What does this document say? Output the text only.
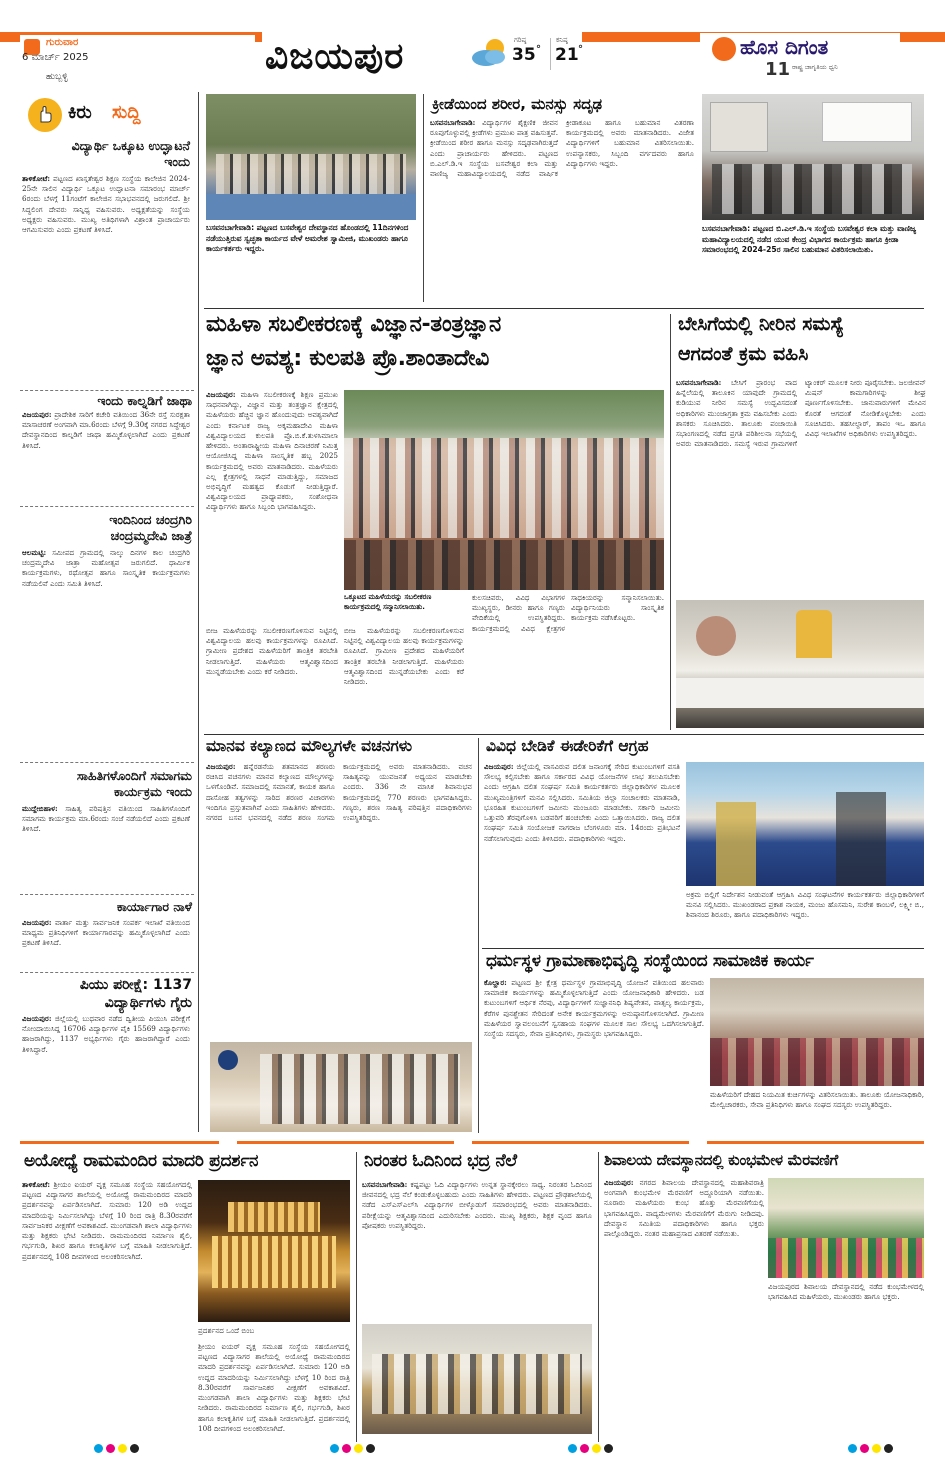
ಗುರುವಾರ
6 ಮಾರ್ಚ್ 2025
ಹುಬ್ಬಳ್ಳಿ	ವಿಜಯಪುರ	ಗರಿಷ್ಠ
35 °
ಕನಿಷ್ಠ
21 °	ಹೊಸ ದಿಗಂತ
ರಾಷ್ಟ್ರ ಜಾಗೃತಿಯ ಧ್ವನಿ
11
ಕಿರು ಸುದ್ದಿ
ವಿದ್ಯಾರ್ಥಿ ಒಕ್ಕೂಟ ಉದ್ಘಾಟನೆ ಇಂದು
ತಾಳಿಕೋಟೆ: ಪಟ್ಟಣದ ಖಾಸ್ಗತೇಶ್ವರ ಶಿಕ್ಷಣ ಸಂಸ್ಥೆಯ ಕಾಲೇಜಿನ 2024-25ನೇ ಸಾಲಿನ ವಿದ್ಯಾರ್ಥಿ ಒಕ್ಕೂಟ ಉದ್ಘಾಟನಾ ಸಮಾರಂಭ ಮಾರ್ಚ್ 6ರಂದು ಬೆಳಗ್ಗೆ 11ಗಂಟೆಗೆ ಕಾಲೇಜಿನ ಸಭಾಭವನದಲ್ಲಿ ಜರುಗಲಿದೆ. ಶ್ರೀ ಸಿದ್ಧಲಿಂಗ ದೇವರು ಸಾನ್ನಿಧ್ಯ ವಹಿಸುವರು. ಅಧ್ಯಕ್ಷತೆಯನ್ನು ಸಂಸ್ಥೆಯ ಅಧ್ಯಕ್ಷರು ವಹಿಸುವರು. ಮುಖ್ಯ ಅತಿಥಿಗಳಾಗಿ ವಿಶ್ರಾಂತ ಪ್ರಾಚಾರ್ಯರು ಆಗಮಿಸುವರು ಎಂದು ಪ್ರಕಟಣೆ ತಿಳಿಸಿದೆ.
ಇಂದು ಕಾಲ್ನಡಿಗೆ ಜಾಥಾ
ವಿಜಯಪುರ: ಪ್ರಾದೇಶಿಕ ಸಾರಿಗೆ ಕಚೇರಿ ವತಿಯಿಂದ 36ನೇ ರಸ್ತೆ ಸುರಕ್ಷತಾ ಮಾಸಾಚರಣೆ ಅಂಗವಾಗಿ ಮಾ.6ರಂದು ಬೆಳಗ್ಗೆ 9.30ಕ್ಕೆ ನಗರದ ಸಿದ್ಧೇಶ್ವರ ದೇವಸ್ಥಾನದಿಂದ ಕಾಲ್ನಡಿಗೆ ಜಾಥಾ ಹಮ್ಮಿಕೊಳ್ಳಲಾಗಿದೆ ಎಂದು ಪ್ರಕಟಣೆ ತಿಳಿಸಿದೆ.
ಇಂದಿನಿಂದ ಚಂದ್ರಗಿರಿ ಚಂದ್ರಮ್ಮದೇವಿ ಜಾತ್ರೆ
ಆಲಮಟ್ಟಿ: ಸಮೀಪದ ಗ್ರಾಮದಲ್ಲಿ ನಾಲ್ಕು ದಿನಗಳ ಕಾಲ ಚಂದ್ರಗಿರಿ ಚಂದ್ರಮ್ಮದೇವಿ ಜಾತ್ರಾ ಮಹೋತ್ಸವ ಜರುಗಲಿದೆ. ಧಾರ್ಮಿಕ ಕಾರ್ಯಕ್ರಮಗಳು, ರಥೋತ್ಸವ ಹಾಗೂ ಸಾಂಸ್ಕೃತಿಕ ಕಾರ್ಯಕ್ರಮಗಳು ನಡೆಯಲಿವೆ ಎಂದು ಸಮಿತಿ ತಿಳಿಸಿದೆ.
ಸಾಹಿತಿಗಳೊಂದಿಗೆ ಸಮಾಗಮ ಕಾರ್ಯಕ್ರಮ ಇಂದು
ಮುದ್ದೇಬಿಹಾಳ: ಸಾಹಿತ್ಯ ಪರಿಷತ್ತಿನ ವತಿಯಿಂದ ಸಾಹಿತಿಗಳೊಂದಿಗೆ ಸಮಾಗಮ ಕಾರ್ಯಕ್ರಮ ಮಾ.6ರಂದು ಸಂಜೆ ನಡೆಯಲಿದೆ ಎಂದು ಪ್ರಕಟಣೆ ತಿಳಿಸಿದೆ.
ಕಾರ್ಯಾಗಾರ ನಾಳೆ
ವಿಜಯಪುರ: ವಾರ್ತಾ ಮತ್ತು ಸಾರ್ವಜನಿಕ ಸಂಪರ್ಕ ಇಲಾಖೆ ವತಿಯಿಂದ ಮಾಧ್ಯಮ ಪ್ರತಿನಿಧಿಗಳಿಗೆ ಕಾರ್ಯಾಗಾರವನ್ನು ಹಮ್ಮಿಕೊಳ್ಳಲಾಗಿದೆ ಎಂದು ಪ್ರಕಟಣೆ ತಿಳಿಸಿದೆ.
ಪಿಯು ಪರೀಕ್ಷೆ: 1137 ವಿದ್ಯಾರ್ಥಿಗಳು ಗೈರು
ವಿಜಯಪುರ: ಜಿಲ್ಲೆಯಲ್ಲಿ ಬುಧವಾರ ನಡೆದ ದ್ವಿತೀಯ ಪಿಯುಸಿ ಪರೀಕ್ಷೆಗೆ ನೋಂದಾಯಿಸಿದ್ದ 16706 ವಿದ್ಯಾರ್ಥಿಗಳ ಪೈಕಿ 15569 ವಿದ್ಯಾರ್ಥಿಗಳು ಹಾಜರಾಗಿದ್ದು, 1137 ಅಭ್ಯರ್ಥಿಗಳು ಗೈರು ಹಾಜರಾಗಿದ್ದಾರೆ ಎಂದು ತಿಳಿಸಿದ್ದಾರೆ.
ಬಸವನಬಾಗೇವಾಡಿ: ಪಟ್ಟಣದ ಬಸವೇಶ್ವರ ದೇವಸ್ಥಾನದ ಹೊಂಡದಲ್ಲಿ 11ದಿನಗಳಿಂದ ನಡೆಯುತ್ತಿರುವ ಸ್ವಚ್ಛತಾ ಕಾರ್ಯದ ವೇಳೆ ಅಮರೇಶ ಸ್ವಾಮೀಜಿ, ಮುಖಂಡರು ಹಾಗೂ ಕಾರ್ಯಕರ್ತರು ಇದ್ದರು.
ಕ್ರೀಡೆಯಿಂದ ಶರೀರ, ಮನಸ್ಸು ಸದೃಢ
ಬಸವನಬಾಗೇವಾಡಿ: ವಿದ್ಯಾರ್ಥಿಗಳ ಶೈಕ್ಷಣಿಕ ಜೀವನ ರೂಪುಗೊಳ್ಳುವಲ್ಲಿ ಕ್ರೀಡೆಗಳು ಪ್ರಮುಖ ಪಾತ್ರ ವಹಿಸುತ್ತವೆ. ಕ್ರೀಡೆಯಿಂದ ಶರೀರ ಹಾಗೂ ಮನಸ್ಸು ಸದೃಢವಾಗಿರುತ್ತದೆ ಎಂದು ಪ್ರಾಚಾರ್ಯರು ಹೇಳಿದರು. ಪಟ್ಟಣದ ಬಿ.ಎಲ್.ಡಿ.ಇ ಸಂಸ್ಥೆಯ ಬಸವೇಶ್ವರ ಕಲಾ ಮತ್ತು ವಾಣಿಜ್ಯ ಮಹಾವಿದ್ಯಾಲಯದಲ್ಲಿ ನಡೆದ ವಾರ್ಷಿಕ ಕ್ರೀಡಾಕೂಟ ಹಾಗೂ ಬಹುಮಾನ ವಿತರಣಾ ಕಾರ್ಯಕ್ರಮದಲ್ಲಿ ಅವರು ಮಾತನಾಡಿದರು. ವಿಜೇತ ವಿದ್ಯಾರ್ಥಿಗಳಿಗೆ ಬಹುಮಾನ ವಿತರಿಸಲಾಯಿತು. ಉಪನ್ಯಾಸಕರು, ಸಿಬ್ಬಂದಿ ವರ್ಗದವರು ಹಾಗೂ ವಿದ್ಯಾರ್ಥಿಗಳು ಇದ್ದರು.
ಬಸವನಬಾಗೇವಾಡಿ: ಪಟ್ಟಣದ ಬಿ.ಎಲ್.ಡಿ.ಇ ಸಂಸ್ಥೆಯ ಬಸವೇಶ್ವರ ಕಲಾ ಮತ್ತು ವಾಣಿಜ್ಯ ಮಹಾವಿದ್ಯಾಲಯದಲ್ಲಿ ನಡೆದ ಯುವ ಕೇಂದ್ರ ವಿಭಾಗದ ಕಾರ್ಯಕ್ರಮ ಹಾಗೂ ಕ್ರೀಡಾ ಸಮಾರಂಭದಲ್ಲಿ 2024-25ರ ಸಾಲಿನ ಬಹುಮಾನ ವಿತರಿಸಲಾಯಿತು.
ಮಹಿಳಾ ಸಬಲೀಕರಣಕ್ಕೆ ವಿಜ್ಞಾನ-ತಂತ್ರಜ್ಞಾನ
ಜ್ಞಾನ ಅವಶ್ಯ: ಕುಲಪತಿ ಪ್ರೊ.ಶಾಂತಾದೇವಿ
ವಿಜಯಪುರ: ಮಹಿಳಾ ಸಬಲೀಕರಣಕ್ಕೆ ಶಿಕ್ಷಣ ಪ್ರಮುಖ ಸಾಧನವಾಗಿದ್ದು, ವಿಜ್ಞಾನ ಮತ್ತು ತಂತ್ರಜ್ಞಾನ ಕ್ಷೇತ್ರದಲ್ಲಿ ಮಹಿಳೆಯರು ಹೆಚ್ಚಿನ ಜ್ಞಾನ ಹೊಂದುವುದು ಅವಶ್ಯವಾಗಿದೆ ಎಂದು ಕರ್ನಾಟಕ ರಾಜ್ಯ ಅಕ್ಕಮಹಾದೇವಿ ಮಹಿಳಾ ವಿಶ್ವವಿದ್ಯಾಲಯದ ಕುಲಪತಿ ಪ್ರೊ.ಬಿ.ಕೆ.ತುಳಸಿಮಾಲಾ ಹೇಳಿದರು. ಅಂತಾರಾಷ್ಟ್ರೀಯ ಮಹಿಳಾ ದಿನಾಚರಣೆ ನಿಮಿತ್ತ ಆಯೋಜಿಸಿದ್ದ ಮಹಿಳಾ ಸಾಂಸ್ಕೃತಿಕ ಹಬ್ಬ 2025 ಕಾರ್ಯಕ್ರಮದಲ್ಲಿ ಅವರು ಮಾತನಾಡಿದರು. ಮಹಿಳೆಯರು ಎಲ್ಲ ಕ್ಷೇತ್ರಗಳಲ್ಲಿ ಸಾಧನೆ ಮಾಡುತ್ತಿದ್ದು, ಸಮಾಜದ ಅಭಿವೃದ್ಧಿಗೆ ಮಹತ್ವದ ಕೊಡುಗೆ ನೀಡುತ್ತಿದ್ದಾರೆ. ವಿಶ್ವವಿದ್ಯಾಲಯದ ಪ್ರಾಧ್ಯಾಪಕರು, ಸಂಶೋಧನಾ ವಿದ್ಯಾರ್ಥಿಗಳು ಹಾಗೂ ಸಿಬ್ಬಂದಿ ಭಾಗವಹಿಸಿದ್ದರು.
ಒಕ್ಕೂಟದ ಮಹಿಳೆಯರನ್ನು ಸಬಲೀಕರಣ ಕಾರ್ಯಕ್ರಮದಲ್ಲಿ ಸನ್ಮಾನಿಸಲಾಯಿತು.
ಬೀಜ ಮಹಿಳೆಯರನ್ನು ಸಬಲೀಕರಣಗೊಳಿಸುವ ನಿಟ್ಟಿನಲ್ಲಿ ವಿಶ್ವವಿದ್ಯಾಲಯ ಹಲವು ಕಾರ್ಯಕ್ರಮಗಳನ್ನು ರೂಪಿಸಿದೆ. ಗ್ರಾಮೀಣ ಪ್ರದೇಶದ ಮಹಿಳೆಯರಿಗೆ ತಾಂತ್ರಿಕ ತರಬೇತಿ ನೀಡಲಾಗುತ್ತಿದೆ. ಮಹಿಳೆಯರು ಆತ್ಮವಿಶ್ವಾಸದಿಂದ ಮುನ್ನಡೆಯಬೇಕು ಎಂದು ಕರೆ ನೀಡಿದರು.
ಬೀಜ ಮಹಿಳೆಯರನ್ನು ಸಬಲೀಕರಣಗೊಳಿಸುವ ನಿಟ್ಟಿನಲ್ಲಿ ವಿಶ್ವವಿದ್ಯಾಲಯ ಹಲವು ಕಾರ್ಯಕ್ರಮಗಳನ್ನು ರೂಪಿಸಿದೆ. ಗ್ರಾಮೀಣ ಪ್ರದೇಶದ ಮಹಿಳೆಯರಿಗೆ ತಾಂತ್ರಿಕ ತರಬೇತಿ ನೀಡಲಾಗುತ್ತಿದೆ. ಮಹಿಳೆಯರು ಆತ್ಮವಿಶ್ವಾಸದಿಂದ ಮುನ್ನಡೆಯಬೇಕು ಎಂದು ಕರೆ ನೀಡಿದರು.
ಕುಲಸಚಿವರು, ವಿವಿಧ ವಿಭಾಗಗಳ ಮುಖ್ಯಸ್ಥರು, ಡೀನರು ಹಾಗೂ ಗಣ್ಯರು ವೇದಿಕೆಯಲ್ಲಿ ಉಪಸ್ಥಿತರಿದ್ದರು. ಕಾರ್ಯಕ್ರಮದಲ್ಲಿ ವಿವಿಧ ಕ್ಷೇತ್ರಗಳ ಸಾಧಕಿಯರನ್ನು ಸನ್ಮಾನಿಸಲಾಯಿತು. ವಿದ್ಯಾರ್ಥಿನಿಯರು ಸಾಂಸ್ಕೃತಿಕ ಕಾರ್ಯಕ್ರಮ ನಡೆಸಿಕೊಟ್ಟರು.
ಬೇಸಿಗೆಯಲ್ಲಿ ನೀರಿನ ಸಮಸ್ಯೆ
ಆಗದಂತೆ ಕ್ರಮ ವಹಿಸಿ
ಬಸವನಬಾಗೇವಾಡಿ: ಬೇಸಿಗೆ ಪ್ರಾರಂಭ ವಾದ ಹಿನ್ನೆಲೆಯಲ್ಲಿ ತಾಲೂಕಿನ ಯಾವುದೇ ಗ್ರಾಮದಲ್ಲಿ ಕುಡಿಯುವ ನೀರಿನ ಸಮಸ್ಯೆ ಉದ್ಭವಿಸದಂತೆ ಅಧಿಕಾರಿಗಳು ಮುಂಜಾಗ್ರತಾ ಕ್ರಮ ವಹಿಸಬೇಕು ಎಂದು ಶಾಸಕರು ಸೂಚಿಸಿದರು. ತಾಲೂಕು ಪಂಚಾಯಿತಿ ಸಭಾಂಗಣದಲ್ಲಿ ನಡೆದ ಪ್ರಗತಿ ಪರಿಶೀಲನಾ ಸಭೆಯಲ್ಲಿ ಅವರು ಮಾತನಾಡಿದರು. ಸಮಸ್ಯೆ ಇರುವ ಗ್ರಾಮಗಳಿಗೆ ಟ್ಯಾಂಕರ್ ಮೂಲಕ ನೀರು ಪೂರೈಸಬೇಕು. ಜಲಜೀವನ್ ಮಿಷನ್ ಕಾಮಗಾರಿಗಳನ್ನು ಶೀಘ್ರ ಪೂರ್ಣಗೊಳಿಸಬೇಕು. ಜಾನುವಾರುಗಳಿಗೆ ಮೇವಿನ ಕೊರತೆ ಆಗದಂತೆ ನೋಡಿಕೊಳ್ಳಬೇಕು ಎಂದು ಸೂಚಿಸಿದರು. ತಹಸೀಲ್ದಾರ್, ತಾಪಂ ಇಒ ಹಾಗೂ ವಿವಿಧ ಇಲಾಖೆಗಳ ಅಧಿಕಾರಿಗಳು ಉಪಸ್ಥಿತರಿದ್ದರು.
ಮಾನವ ಕಲ್ಯಾಣದ ಮೌಲ್ಯಗಳೇ ವಚನಗಳು
ವಿಜಯಪುರ: ಹನ್ನೆರಡನೆಯ ಶತಮಾನದ ಶರಣರು ರಚಿಸಿದ ವಚನಗಳು ಮಾನವ ಕಲ್ಯಾಣದ ಮೌಲ್ಯಗಳನ್ನು ಒಳಗೊಂಡಿವೆ. ಸಮಾಜದಲ್ಲಿ ಸಮಾನತೆ, ಕಾಯಕ ಹಾಗೂ ದಾಸೋಹ ತತ್ವಗಳನ್ನು ಸಾರಿದ ಶರಣರ ವಿಚಾರಗಳು ಇಂದಿಗೂ ಪ್ರಸ್ತುತವಾಗಿವೆ ಎಂದು ಸಾಹಿತಿಗಳು ಹೇಳಿದರು. ನಗರದ ಬಸವ ಭವನದಲ್ಲಿ ನಡೆದ ಶರಣ ಸಂಗಮ ಕಾರ್ಯಕ್ರಮದಲ್ಲಿ ಅವರು ಮಾತನಾಡಿದರು. ವಚನ ಸಾಹಿತ್ಯವನ್ನು ಯುವಜನತೆ ಅಧ್ಯಯನ ಮಾಡಬೇಕು ಎಂದರು. 336 ನೇ ಮಾಸಿಕ ಶಿವಾನುಭವ ಕಾರ್ಯಕ್ರಮದಲ್ಲಿ 770 ಶರಣರು ಭಾಗವಹಿಸಿದ್ದರು. ಗಣ್ಯರು, ಶರಣ ಸಾಹಿತ್ಯ ಪರಿಷತ್ತಿನ ಪದಾಧಿಕಾರಿಗಳು ಉಪಸ್ಥಿತರಿದ್ದರು.
ವಿವಿಧ ಬೇಡಿಕೆ ಈಡೇರಿಕೆಗೆ ಆಗ್ರಹ
ವಿಜಯಪುರ: ಜಿಲ್ಲೆಯಲ್ಲಿ ವಾಸವಿರುವ ದಲಿತ ಜನಾಂಗಕ್ಕೆ ಸೇರಿದ ಕುಟುಂಬಗಳಿಗೆ ವಸತಿ ಸೌಲಭ್ಯ ಕಲ್ಪಿಸಬೇಕು ಹಾಗೂ ಸರ್ಕಾರದ ವಿವಿಧ ಯೋಜನೆಗಳ ಲಾಭ ತಲುಪಿಸಬೇಕು ಎಂದು ಆಗ್ರಹಿಸಿ ದಲಿತ ಸಂಘರ್ಷ ಸಮಿತಿ ಕಾರ್ಯಕರ್ತರು ಜಿಲ್ಲಾಧಿಕಾರಿಗಳ ಮೂಲಕ ಮುಖ್ಯಮಂತ್ರಿಗಳಿಗೆ ಮನವಿ ಸಲ್ಲಿಸಿದರು. ಸಮಿತಿಯ ಜಿಲ್ಲಾ ಸಂಚಾಲಕರು ಮಾತನಾಡಿ, ಭೂರಹಿತ ಕುಟುಂಬಗಳಿಗೆ ಜಮೀನು ಮಂಜೂರು ಮಾಡಬೇಕು. ಸರ್ಕಾರಿ ಜಮೀನು ಒತ್ತುವರಿ ತೆರವುಗೊಳಿಸಿ ಬಡವರಿಗೆ ಹಂಚಬೇಕು ಎಂದು ಒತ್ತಾಯಿಸಿದರು. ರಾಜ್ಯ ದಲಿತ ಸಂಘರ್ಷ ಸಮಿತಿ ಸಂಯೋಜಕ ನಾಗರಾಜ ಬೆಂಗಳೂರು ಮಾ. 14ರಂದು ಪ್ರತಿಭಟನೆ ನಡೆಸಲಾಗುವುದು ಎಂದು ತಿಳಿಸಿದರು. ಪದಾಧಿಕಾರಿಗಳು ಇದ್ದರು.
ಅಕ್ರಮ ಬಿಲ್ಲಿಗೆ ನಿರ್ದೇಶನ ನೀಡುವಂತೆ ಆಗ್ರಹಿಸಿ ವಿವಿಧ ಸಂಘಟನೆಗಳ ಕಾರ್ಯಕರ್ತರು ಜಿಲ್ಲಾಧಿಕಾರಿಗಳಿಗೆ ಮನವಿ ಸಲ್ಲಿಸಿದರು. ಮುಖಂಡರಾದ ಪ್ರಕಾಶ ನಾಯಕ, ಮಂಜು ಹೊಸಮನಿ, ಸುರೇಶ ಕಾಂಬಳೆ, ಲಕ್ಷ್ಮೀ ಬಿ., ಶಿವಾನಂದ ಶಿರೂರು, ಹಾಗೂ ಪದಾಧಿಕಾರಿಗಳು ಇದ್ದರು.
ಧರ್ಮಸ್ಥಳ ಗ್ರಾಮಾಣಾಭಿವೃದ್ಧಿ ಸಂಸ್ಥೆಯಿಂದ ಸಾಮಾಜಿಕ ಕಾರ್ಯ
ಕೊಲ್ಹಾರ: ಪಟ್ಟಣದ ಶ್ರೀ ಕ್ಷೇತ್ರ ಧರ್ಮಸ್ಥಳ ಗ್ರಾಮಾಭಿವೃದ್ಧಿ ಯೋಜನೆ ವತಿಯಿಂದ ಹಲವಾರು ಸಾಮಾಜಿಕ ಕಾರ್ಯಗಳನ್ನು ಹಮ್ಮಿಕೊಳ್ಳಲಾಗುತ್ತಿದೆ ಎಂದು ಯೋಜನಾಧಿಕಾರಿ ಹೇಳಿದರು. ಬಡ ಕುಟುಂಬಗಳಿಗೆ ಆರ್ಥಿಕ ನೆರವು, ವಿದ್ಯಾರ್ಥಿಗಳಿಗೆ ಸುಜ್ಞಾನನಿಧಿ ಶಿಷ್ಯವೇತನ, ವಾತ್ಸಲ್ಯ ಕಾರ್ಯಕ್ರಮ, ಕೆರೆಗಳ ಪುನಶ್ಚೇತನ ಸೇರಿದಂತೆ ಅನೇಕ ಕಾರ್ಯಕ್ರಮಗಳನ್ನು ಅನುಷ್ಠಾನಗೊಳಿಸಲಾಗಿದೆ. ಗ್ರಾಮೀಣ ಮಹಿಳೆಯರ ಸ್ವಾವಲಂಬನೆಗೆ ಸ್ವಸಹಾಯ ಸಂಘಗಳ ಮೂಲಕ ಸಾಲ ಸೌಲಭ್ಯ ಒದಗಿಸಲಾಗುತ್ತಿದೆ. ಸಂಸ್ಥೆಯ ಸದಸ್ಯರು, ಸೇವಾ ಪ್ರತಿನಿಧಿಗಳು, ಗ್ರಾಮಸ್ಥರು ಭಾಗವಹಿಸಿದ್ದರು.
ಮಹಿಳೆಯರಿಗೆ ದೇಹದ ನಿಯಮಿತ ಕುರ್ಚಿಗಳನ್ನು ವಿತರಿಸಲಾಯಿತು. ತಾಲೂಕು ಯೋಜನಾಧಿಕಾರಿ, ಮೇಲ್ವಿಚಾರಕರು, ಸೇವಾ ಪ್ರತಿನಿಧಿಗಳು ಹಾಗೂ ಸಂಘದ ಸದಸ್ಯರು ಉಪಸ್ಥಿತರಿದ್ದರು.
ಅಯೋಧ್ಯೆ ರಾಮಮಂದಿರ ಮಾದರಿ ಪ್ರದರ್ಶನ
ತಾಳಿಕೋಟೆ: ಶ್ರೀಯಂ ಐಯರ್ ವೃಕ್ಷ ಸಮೂಹ ಸಂಸ್ಥೆಯ ಸಹಯೋಗದಲ್ಲಿ ಪಟ್ಟಣದ ವಿದ್ಯಾಸಾಗರ ಶಾಲೆಯಲ್ಲಿ ಅಯೋಧ್ಯೆ ರಾಮಮಂದಿರದ ಮಾದರಿ ಪ್ರದರ್ಶನವನ್ನು ಏರ್ಪಡಿಸಲಾಗಿದೆ. ಸುಮಾರು 120 ಅಡಿ ಉದ್ದದ ಮಾದರಿಯನ್ನು ನಿರ್ಮಿಸಲಾಗಿದ್ದು ಬೆಳಗ್ಗೆ 10 ರಿಂದ ರಾತ್ರಿ 8.30ರವರೆಗೆ ಸಾರ್ವಜನಿಕರ ವೀಕ್ಷಣೆಗೆ ಅವಕಾಶವಿದೆ. ಮುಂಗಡವಾಗಿ ಶಾಲಾ ವಿದ್ಯಾರ್ಥಿಗಳು ಮತ್ತು ಶಿಕ್ಷಕರು ಭೇಟಿ ನೀಡಿದರು. ರಾಮಮಂದಿರದ ನಿರ್ಮಾಣ ಶೈಲಿ, ಗರ್ಭಗುಡಿ, ಶಿಖರ ಹಾಗೂ ಕಲಾಕೃತಿಗಳ ಬಗ್ಗೆ ಮಾಹಿತಿ ನೀಡಲಾಗುತ್ತಿದೆ. ಪ್ರದರ್ಶನದಲ್ಲಿ 108 ದೀಪಗಳಿಂದ ಅಲಂಕರಿಸಲಾಗಿದೆ.
ಪ್ರದರ್ಶನದ ಒಂದೆ ಬಿಂಬ
ಶ್ರೀಯಂ ಐಯರ್ ವೃಕ್ಷ ಸಮೂಹ ಸಂಸ್ಥೆಯ ಸಹಯೋಗದಲ್ಲಿ ಪಟ್ಟಣದ ವಿದ್ಯಾಸಾಗರ ಶಾಲೆಯಲ್ಲಿ ಅಯೋಧ್ಯೆ ರಾಮಮಂದಿರದ ಮಾದರಿ ಪ್ರದರ್ಶನವನ್ನು ಏರ್ಪಡಿಸಲಾಗಿದೆ. ಸುಮಾರು 120 ಅಡಿ ಉದ್ದದ ಮಾದರಿಯನ್ನು ನಿರ್ಮಿಸಲಾಗಿದ್ದು ಬೆಳಗ್ಗೆ 10 ರಿಂದ ರಾತ್ರಿ 8.30ರವರೆಗೆ ಸಾರ್ವಜನಿಕರ ವೀಕ್ಷಣೆಗೆ ಅವಕಾಶವಿದೆ. ಮುಂಗಡವಾಗಿ ಶಾಲಾ ವಿದ್ಯಾರ್ಥಿಗಳು ಮತ್ತು ಶಿಕ್ಷಕರು ಭೇಟಿ ನೀಡಿದರು. ರಾಮಮಂದಿರದ ನಿರ್ಮಾಣ ಶೈಲಿ, ಗರ್ಭಗುಡಿ, ಶಿಖರ ಹಾಗೂ ಕಲಾಕೃತಿಗಳ ಬಗ್ಗೆ ಮಾಹಿತಿ ನೀಡಲಾಗುತ್ತಿದೆ. ಪ್ರದರ್ಶನದಲ್ಲಿ 108 ದೀಪಗಳಿಂದ ಅಲಂಕರಿಸಲಾಗಿದೆ.
ನಿರಂತರ ಓದಿನಿಂದ ಭದ್ರ ನೆಲೆ
ಬಸವನಬಾಗೇವಾಡಿ: ಕಷ್ಟಪಟ್ಟು ಓದಿ ವಿದ್ಯಾರ್ಥಿಗಳು ಉನ್ನತ ಸ್ಥಾನಕ್ಕೇರಲು ಸಾಧ್ಯ. ನಿರಂತರ ಓದಿನಿಂದ ಜೀವನದಲ್ಲಿ ಭದ್ರ ನೆಲೆ ಕಂಡುಕೊಳ್ಳಬಹುದು ಎಂದು ಸಾಹಿತಿಗಳು ಹೇಳಿದರು. ಪಟ್ಟಣದ ಪ್ರೌಢಶಾಲೆಯಲ್ಲಿ ನಡೆದ ಎಸ್ಎಸ್ಎಲ್‌ಸಿ ವಿದ್ಯಾರ್ಥಿಗಳ ಬೀಳ್ಕೊಡುಗೆ ಸಮಾರಂಭದಲ್ಲಿ ಅವರು ಮಾತನಾಡಿದರು. ಪರೀಕ್ಷೆಯನ್ನು ಆತ್ಮವಿಶ್ವಾಸದಿಂದ ಎದುರಿಸಬೇಕು ಎಂದರು. ಮುಖ್ಯ ಶಿಕ್ಷಕರು, ಶಿಕ್ಷಕ ವೃಂದ ಹಾಗೂ ಪೋಷಕರು ಉಪಸ್ಥಿತರಿದ್ದರು.
ಶಿವಾಲಯ ದೇವಸ್ಥಾನದಲ್ಲಿ ಕುಂಭಮೇಳ ಮೆರವಣಿಗೆ
ವಿಜಯಪುರ: ನಗರದ ಶಿವಾಲಯ ದೇವಸ್ಥಾನದಲ್ಲಿ ಮಹಾಶಿವರಾತ್ರಿ ಅಂಗವಾಗಿ ಕುಂಭಮೇಳ ಮೆರವಣಿಗೆ ಅದ್ದೂರಿಯಾಗಿ ನಡೆಯಿತು. ನೂರಾರು ಮಹಿಳೆಯರು ಕುಂಭ ಹೊತ್ತು ಮೆರವಣಿಗೆಯಲ್ಲಿ ಭಾಗವಹಿಸಿದ್ದರು. ವಾದ್ಯಮೇಳಗಳು ಮೆರವಣಿಗೆಗೆ ಮೆರುಗು ನೀಡಿದವು. ದೇವಸ್ಥಾನ ಸಮಿತಿಯ ಪದಾಧಿಕಾರಿಗಳು ಹಾಗೂ ಭಕ್ತರು ಪಾಲ್ಗೊಂಡಿದ್ದರು. ನಂತರ ಮಹಾಪ್ರಸಾದ ವಿತರಣೆ ನಡೆಯಿತು.
ವಿಜಯಪುರದ ಶಿವಾಲಯ ದೇವಸ್ಥಾನದಲ್ಲಿ ನಡೆದ ಕುಂಭಮೇಳದಲ್ಲಿ ಭಾಗವಹಿಸಿದ ಮಹಿಳೆಯರು, ಮುಖಂಡರು ಹಾಗೂ ಭಕ್ತರು.
